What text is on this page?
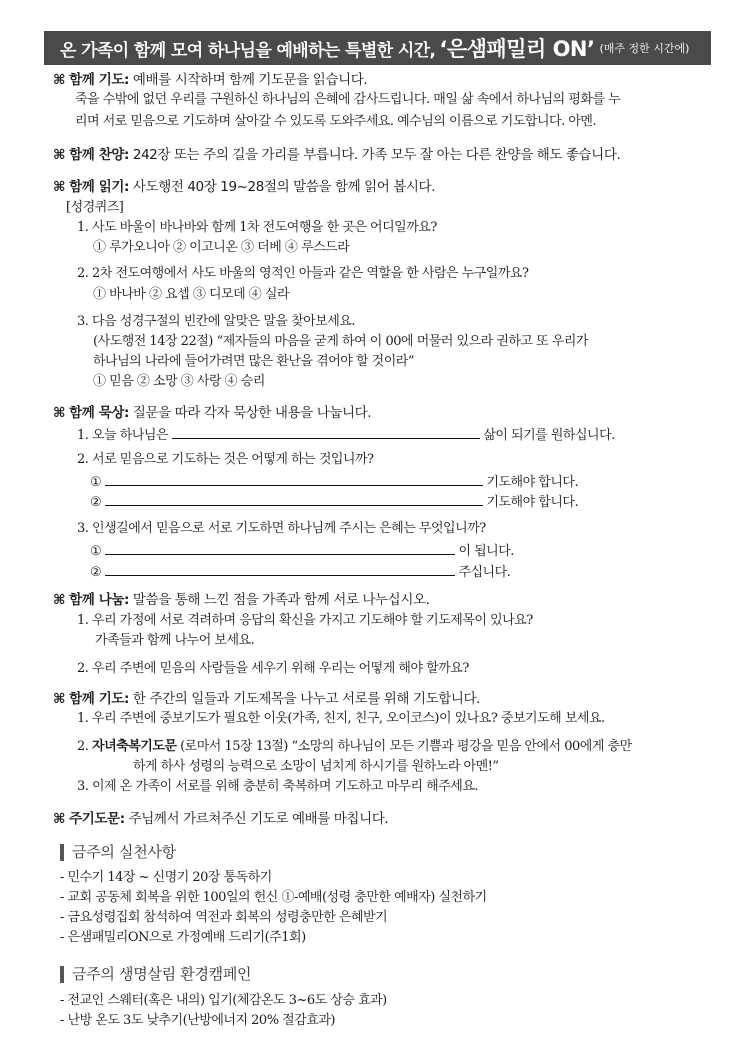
온 가족이 함께 모여 하나님을 예배하는 특별한 시간, ‘은샘패밀리 ON’ (매주 정한 시간에)
⌘ 함께 기도: 예배를 시작하며 함께 기도문을 읽습니다.
죽을 수밖에 없던 우리를 구원하신 하나님의 은혜에 감사드립니다. 매일 삶 속에서 하나님의 평화를 누
리며 서로 믿음으로 기도하며 살아갈 수 있도록 도와주세요. 예수님의 이름으로 기도합니다. 아멘.
⌘ 함께 찬양: 242장 또는 주의 길을 가리를 부릅니다. 가족 모두 잘 아는 다른 찬양을 해도 좋습니다.
⌘ 함께 읽기: 사도행전 40장 19~28절의 말씀을 함께 읽어 봅시다.
[성경퀴즈]
1. 사도 바울이 바나바와 함께 1차 전도여행을 한 곳은 어디일까요?
① 루가오니아 ② 이고니온 ③ 더베 ④ 루스드라
2. 2차 전도여행에서 사도 바울의 영적인 아들과 같은 역할을 한 사람은 누구일까요?
① 바나바 ② 요셉 ③ 디모데 ④ 실라
3. 다음 성경구절의 빈칸에 알맞은 말을 찾아보세요.
(사도행전 14장 22절) “제자들의 마음을 굳게 하여 이 00에 머물러 있으라 권하고 또 우리가
하나님의 나라에 들어가려면 많은 환난을 겪어야 할 것이라”
① 믿음 ② 소망 ③ 사랑 ④ 승리
⌘ 함께 묵상: 질문을 따라 각자 묵상한 내용을 나눕니다.
1. 오늘 하나님은	삶이 되기를 원하십니다.
2. 서로 믿음으로 기도하는 것은 어떻게 하는 것입니까?
①	기도해야 합니다.
②	기도해야 합니다.
3. 인생길에서 믿음으로 서로 기도하면 하나님께 주시는 은혜는 무엇입니까?
①	이 됩니다.
②	주십니다.
⌘ 함께 나눔: 말씀을 통해 느낀 점을 가족과 함께 서로 나누십시오.
1. 우리 가정에 서로 격려하며 응답의 확신을 가지고 기도해야 할 기도제목이 있나요?
가족들과 함께 나누어 보세요.
2. 우리 주변에 믿음의 사람들을 세우기 위해 우리는 어떻게 해야 할까요?
⌘ 함께 기도: 한 주간의 일들과 기도제목을 나누고 서로를 위해 기도합니다.
1. 우리 주변에 중보기도가 필요한 이웃(가족, 친지, 친구, 오이코스)이 있나요? 중보기도해 보세요.
2. 자녀축복기도문 (로마서 15장 13절) “소망의 하나님이 모든 기쁨과 평강을 믿음 안에서 00에게 충만
하게 하사 성령의 능력으로 소망이 넘치게 하시기를 원하노라 아멘!”
3. 이제 온 가족이 서로를 위해 충분히 축복하며 기도하고 마무리 해주세요.
⌘ 주기도문: 주님께서 가르쳐주신 기도로 예배를 마칩니다.
금주의 실천사항
- 민수기 14장 ~ 신명기 20장 통독하기
- 교회 공동체 회복을 위한 100일의 헌신 ①-예배(성령 충만한 예배자) 실천하기
- 금요성령집회 참석하여 역전과 회복의 성령충만한 은혜받기
- 은샘패밀리ON으로 가정예배 드리기(주1회)
금주의 생명살림 환경캠페인
- 전교인 스웨터(혹은 내의) 입기(체감온도 3~6도 상승 효과)
- 난방 온도 3도 낮추기(난방에너지 20% 절감효과)
